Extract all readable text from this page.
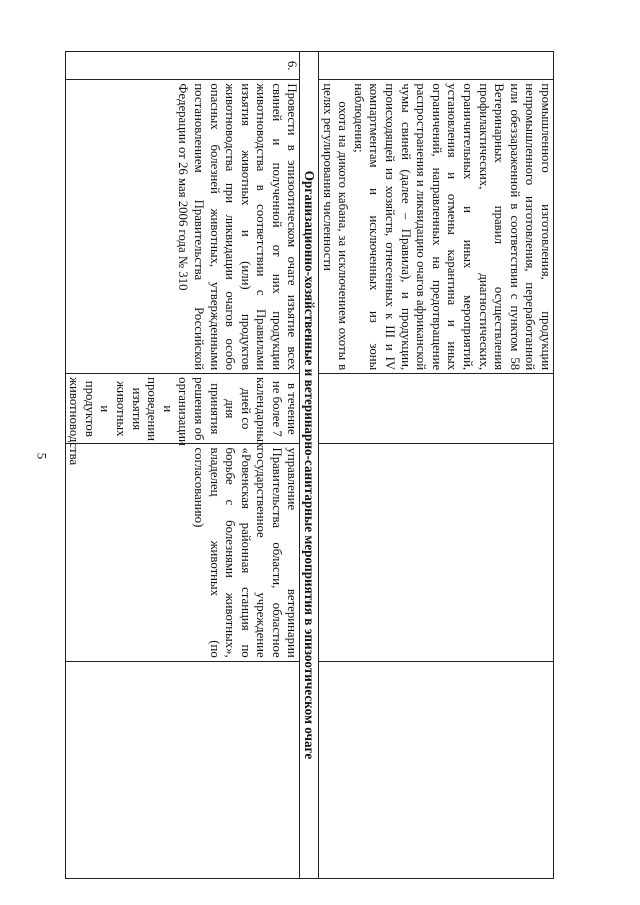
5

	промышленного изготовления, продукции непромышленного изготовления, переработанной или обеззараженной в соответствии с пунктом 58 Ветеринарных правил осуществления профилактических, диагностических, ограничительных и иных мероприятий, установления и отмены карантина и иных ограничений, направленных на предотвращение распространения и ликвидацию очагов африканской чумы свиней (далее – Правила), и продукции, происходящей из хозяйств, отнесенных к III и IV компартментам и исключенных из зоны наблюдения;
охота на дикого кабана, за исключением охоты в целях регулирования численности			

Организационно-хозяйственные и ветеринарно-санитарные мероприятия в эпизоотическом очаге				
6.	Провести в эпизоотическом очаге изъятие всех свиней и полученной от них продукции животноводства в соответствии с Правилами изъятия животных и (или) продуктов животноводства при ликвидации очагов особо опасных болезней животных, утвержденными постановлением Правительства Российской Федерации от 26 мая 2006 года № 310	в течение не более 7 календарных дней со дня принятия решения об организации и проведении изъятия животных и продуктов животноводства	управление ветеринарии Правительства области, областное государственное учреждение «Ровенская районная станция по борьбе с болезнями животных», владелец животных (по согласованию)	
